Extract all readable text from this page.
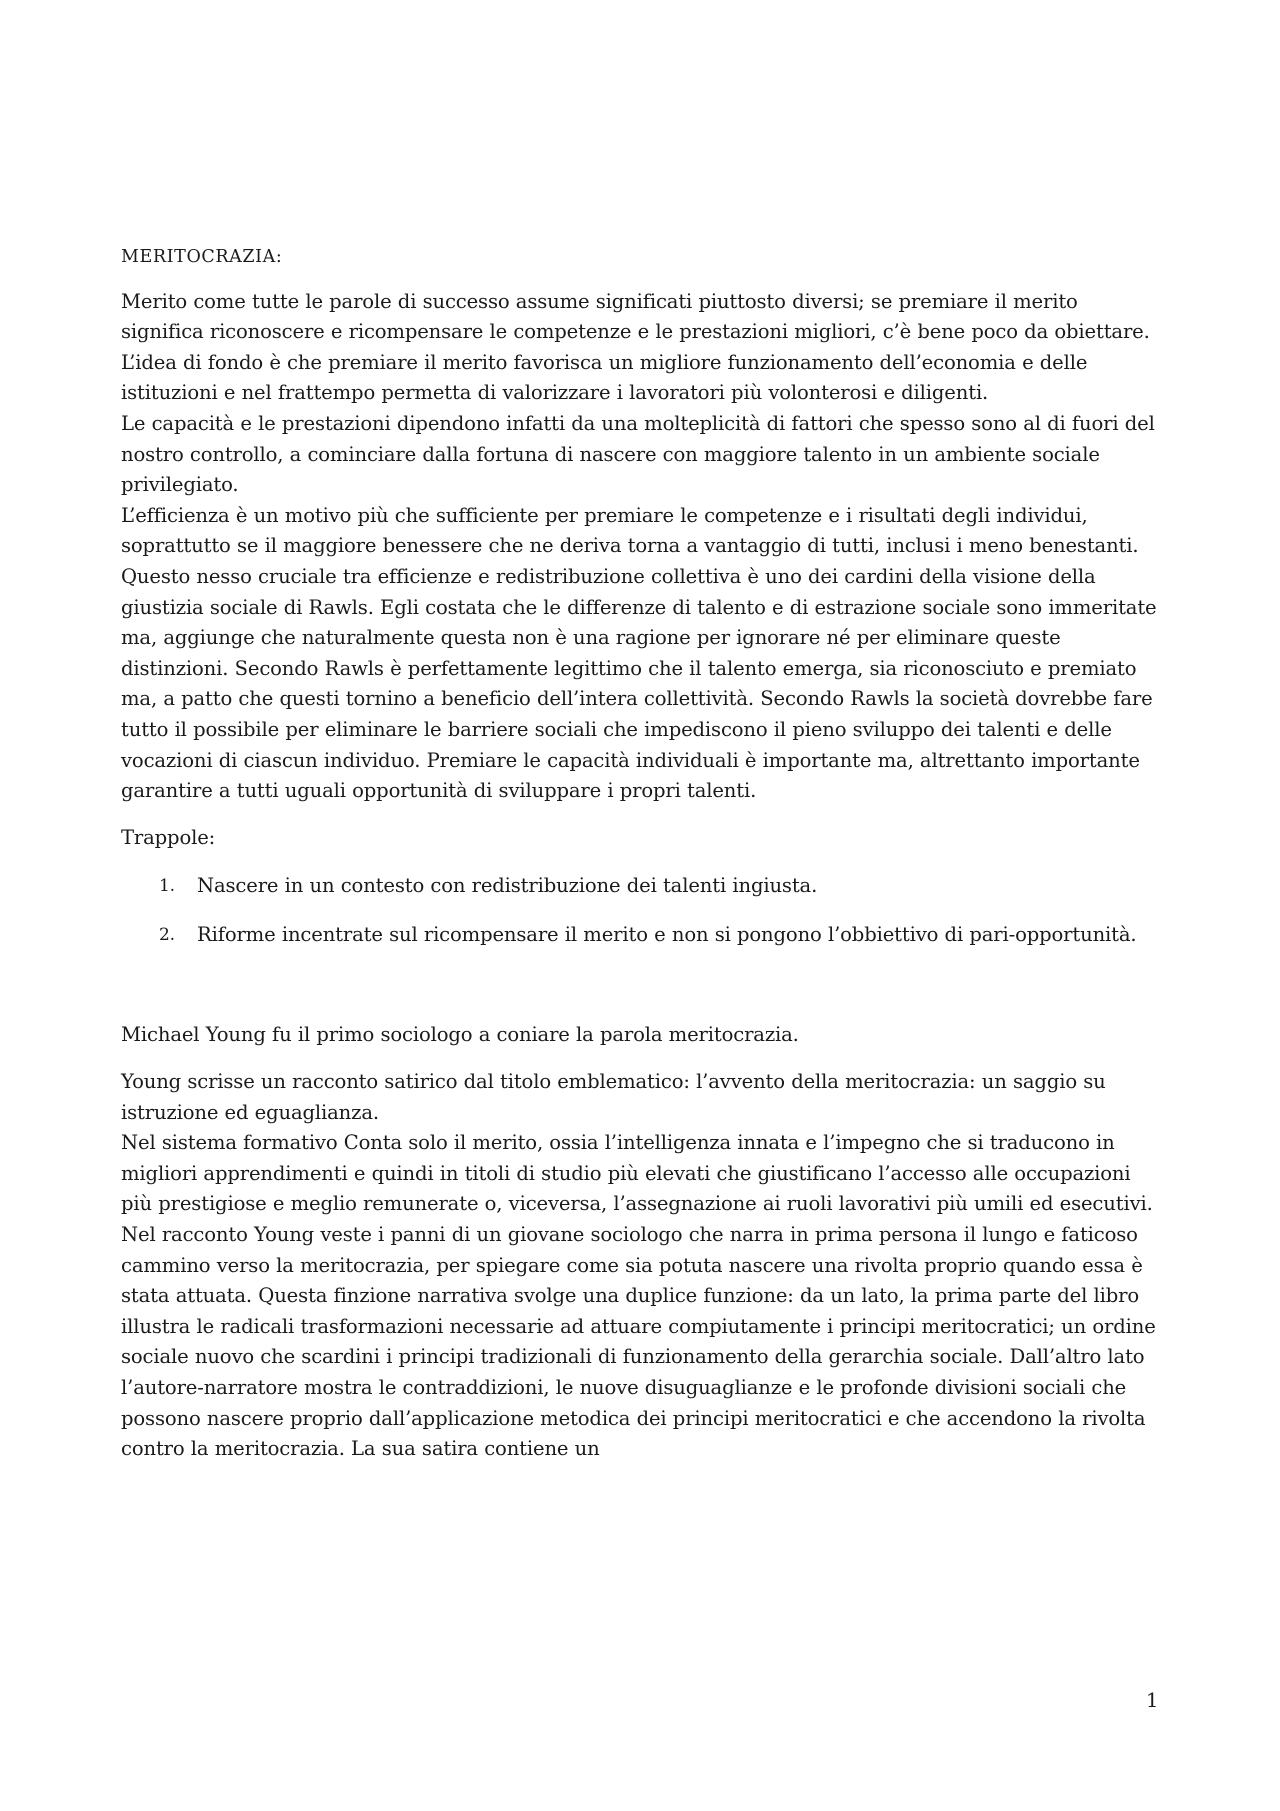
MERITOCRAZIA:

Merito come tutte le parole di successo assume significati piuttosto diversi; se premiare il merito significa riconoscere e ricompensare le competenze e le prestazioni migliori, c’è bene poco da obiettare. L’idea di fondo è che premiare il merito favorisca un migliore funzionamento dell’economia e delle istituzioni e nel frattempo permetta di valorizzare i lavoratori più volonterosi e diligenti.

Le capacità e le prestazioni dipendono infatti da una molteplicità di fattori che spesso sono al di fuori del nostro controllo, a cominciare dalla fortuna di nascere con maggiore talento in un ambiente sociale privilegiato.

L’efficienza è un motivo più che sufficiente per premiare le competenze e i risultati degli individui, soprattutto se il maggiore benessere che ne deriva torna a vantaggio di tutti, inclusi i meno benestanti. Questo nesso cruciale tra efficienze e redistribuzione collettiva è uno dei cardini della visione della giustizia sociale di Rawls. Egli costata che le differenze di talento e di estrazione sociale sono immeritate ma, aggiunge che naturalmente questa non è una ragione per ignorare né per eliminare queste distinzioni. Secondo Rawls è perfettamente legittimo che il talento emerga, sia riconosciuto e premiato ma, a patto che questi tornino a beneficio dell’intera collettività. Secondo Rawls la società dovrebbe fare tutto il possibile per eliminare le barriere sociali che impediscono il pieno sviluppo dei talenti e delle vocazioni di ciascun individuo. Premiare le capacità individuali è importante ma, altrettanto importante garantire a tutti uguali opportunità di sviluppare i propri talenti.

Trappole:

1. Nascere in un contesto con redistribuzione dei talenti ingiusta.
2. Riforme incentrate sul ricompensare il merito e non si pongono l’obbiettivo di pari-opportunità.

Michael Young fu il primo sociologo a coniare la parola meritocrazia.

Young scrisse un racconto satirico dal titolo emblematico: l’avvento della meritocrazia: un saggio su istruzione ed eguaglianza.

Nel sistema formativo Conta solo il merito, ossia l’intelligenza innata e l’impegno che si traducono in migliori apprendimenti e quindi in titoli di studio più elevati che giustificano l’accesso alle occupazioni più prestigiose e meglio remunerate o, viceversa, l’assegnazione ai ruoli lavorativi più umili ed esecutivi.

Nel racconto Young veste i panni di un giovane sociologo che narra in prima persona il lungo e faticoso cammino verso la meritocrazia, per spiegare come sia potuta nascere una rivolta proprio quando essa è stata attuata. Questa finzione narrativa svolge una duplice funzione: da un lato, la prima parte del libro illustra le radicali trasformazioni necessarie ad attuare compiutamente i principi meritocratici; un ordine sociale nuovo che scardini i principi tradizionali di funzionamento della gerarchia sociale. Dall’altro lato l’autore-narratore mostra le contraddizioni, le nuove disuguaglianze e le profonde divisioni sociali che possono nascere proprio dall’applicazione metodica dei principi meritocratici e che accendono la rivolta contro la meritocrazia. La sua satira contiene un

1
